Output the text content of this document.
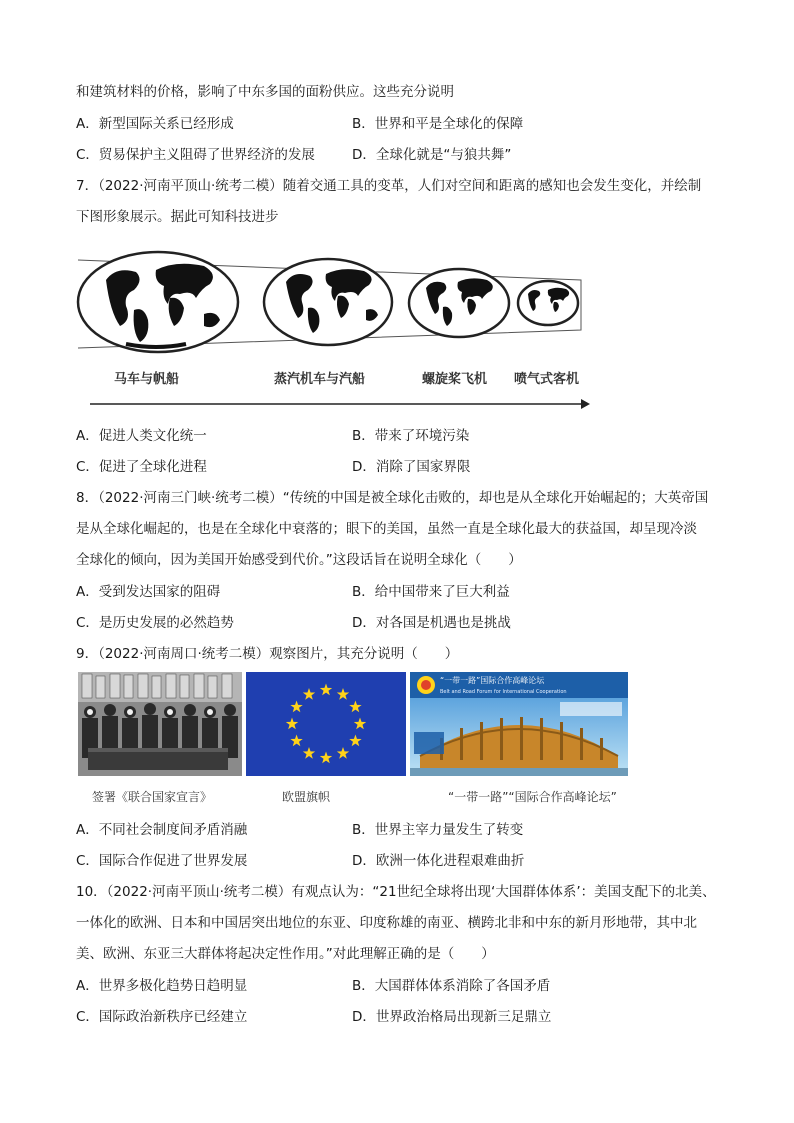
和建筑材料的价格，影响了中东多国的面粉供应。这些充分说明
A．新型国际关系已经形成	B．世界和平是全球化的保障
C．贸易保护主义阻碍了世界经济的发展	D．全球化就是“与狼共舞”
7．（2022·河南平顶山·统考二模）随着交通工具的变革，人们对空间和距离的感知也会发生变化，并绘制
下图形象展示。据此可知科技进步
马车与帆船	蒸汽机车与汽船	螺旋桨飞机 喷气式客机
A．促进人类文化统一	B．带来了环境污染
C．促进了全球化进程	D．消除了国家界限
8．（2022·河南三门峡·统考二模）“传统的中国是被全球化击败的，却也是从全球化开始崛起的；大英帝国
是从全球化崛起的，也是在全球化中衰落的；眼下的美国，虽然一直是全球化最大的获益国，却呈现冷淡
全球化的倾向，因为美国开始感受到代价。”这段话旨在说明全球化（　　）
A．受到发达国家的阻碍	B．给中国带来了巨大利益
C．是历史发展的必然趋势	D．对各国是机遇也是挑战
9．（2022·河南周口·统考二模）观察图片，其充分说明（　　）
“一带一路”国际合作高峰论坛
Belt and Road Forum for International Cooperation
签署《联合国家宣言》	欧盟旗帜	“一带一路”“国际合作高峰论坛”
A．不同社会制度间矛盾消融	B．世界主宰力量发生了转变
C．国际合作促进了世界发展	D．欧洲一体化进程艰难曲折
10．（2022·河南平顶山·统考二模）有观点认为：“21世纪全球将出现‘大国群体体系’：美国支配下的北美、
一体化的欧洲、日本和中国居突出地位的东亚、印度称雄的南亚、横跨北非和中东的新月形地带，其中北
美、欧洲、东亚三大群体将起决定性作用。”对此理解正确的是（　　）
A．世界多极化趋势日趋明显	B．大国群体体系消除了各国矛盾
C．国际政治新秩序已经建立	D．世界政治格局出现新三足鼎立
